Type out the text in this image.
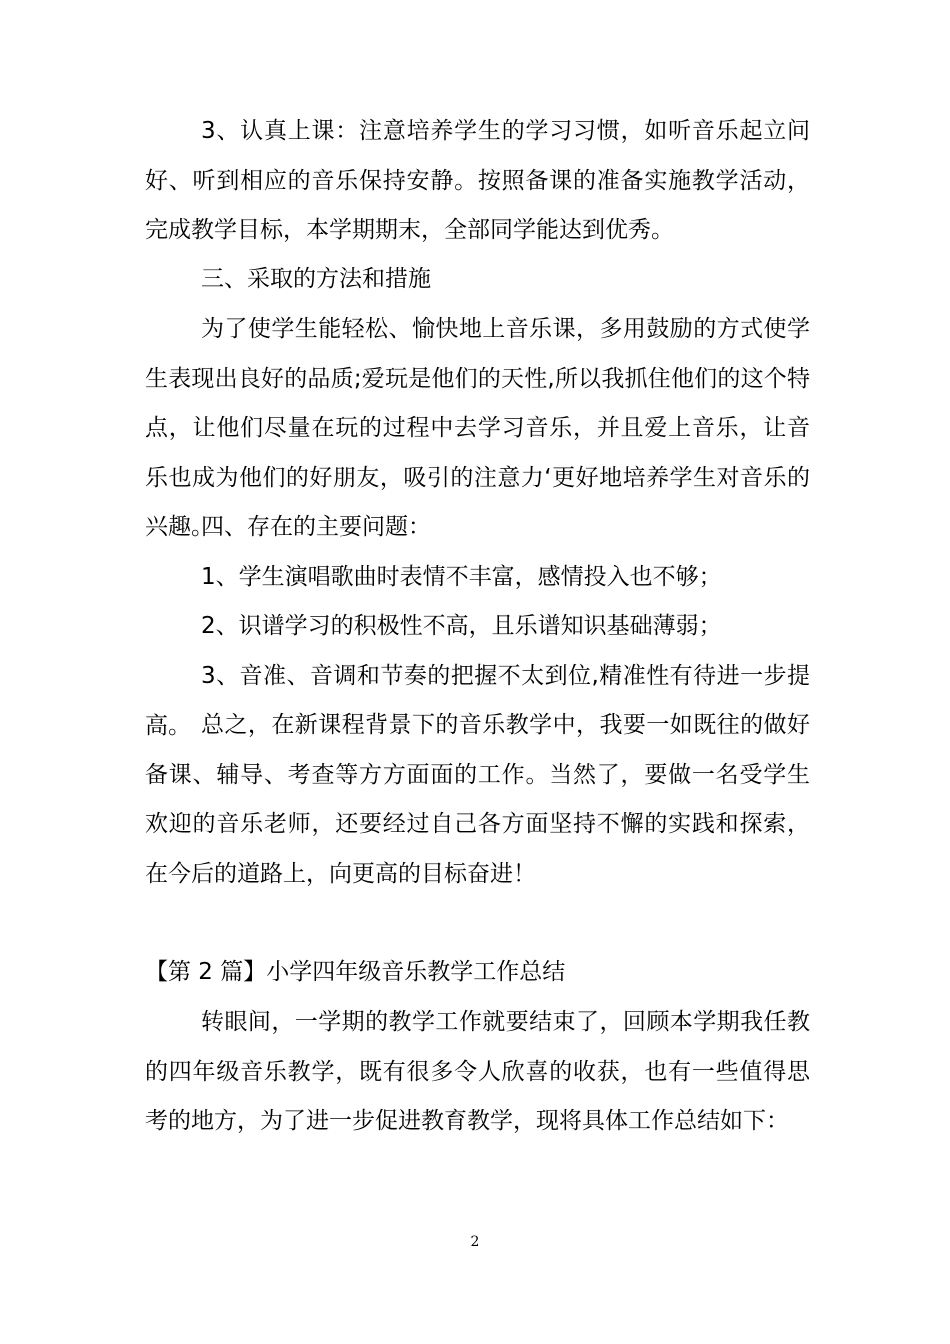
3、认真上课：注意培养学生的学习习惯，如听音乐起立问好、听到相应的音乐保持安静。按照备课的准备实施教学活动，完成教学目标，本学期期末，全部同学能达到优秀。

三、采取的方法和措施

为了使学生能轻松、愉快地上音乐课，多用鼓励的方式使学生表现出良好的品质;爱玩是他们的天性,所以我抓住他们的这个特点，让他们尽量在玩的过程中去学习音乐，并且爱上音乐，让音乐也成为他们的好朋友，吸引的注意力‘更好地培养学生对音乐的兴趣。

四、存在的主要问题：

1、学生演唱歌曲时表情不丰富，感情投入也不够；

2、识谱学习的积极性不高，且乐谱知识基础薄弱；

3、音准、音调和节奏的把握不太到位,精准性有待进一步提高。 总之，在新课程背景下的音乐教学中，我要一如既往的做好备课、辅导、考查等方方面面的工作。当然了，要做一名受学生欢迎的音乐老师，还要经过自己各方面坚持不懈的实践和探索，在今后的道路上，向更高的目标奋进！

【第 2 篇】小学四年级音乐教学工作总结

转眼间，一学期的教学工作就要结束了，回顾本学期我任教的四年级音乐教学，既有很多令人欣喜的收获，也有一些值得思考的地方，为了进一步促进教育教学，现将具体工作总结如下：

2
